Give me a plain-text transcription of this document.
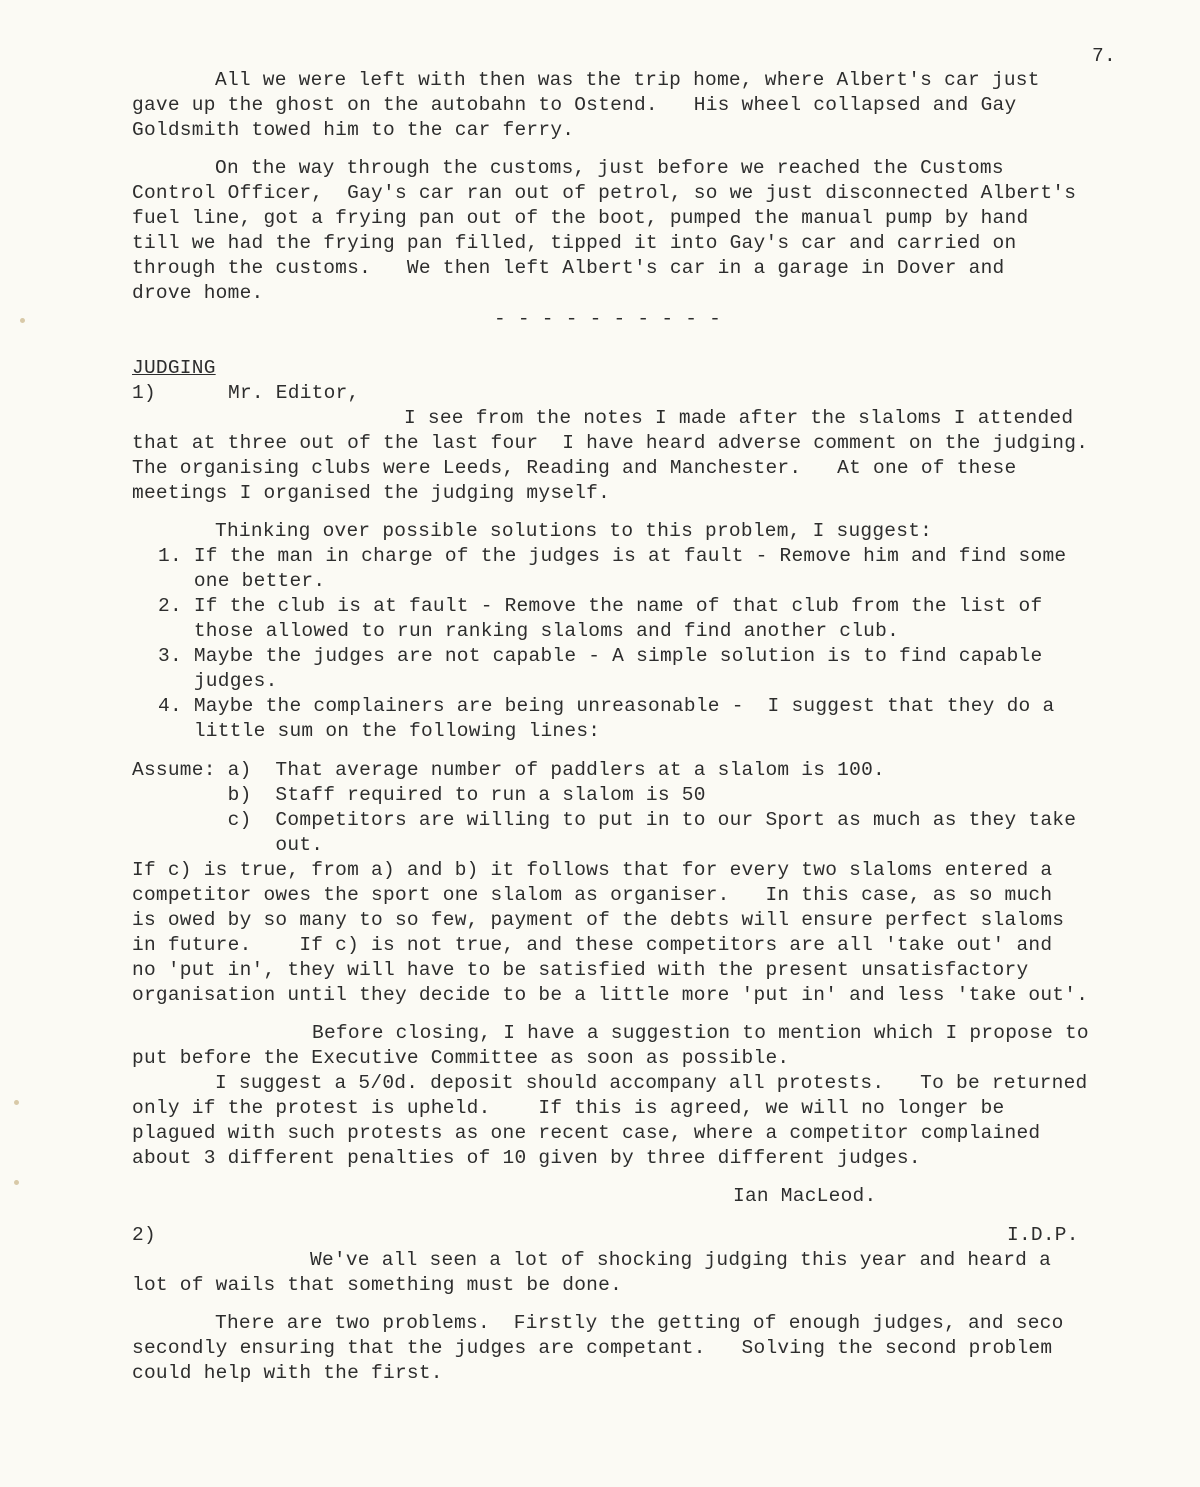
7.
All we were left with then was the trip home, where Albert's car just
gave up the ghost on the autobahn to Ostend.   His wheel collapsed and Gay
Goldsmith towed him to the car ferry.
On the way through the customs, just before we reached the Customs
Control Officer,  Gay's car ran out of petrol, so we just disconnected Albert's
fuel line, got a frying pan out of the boot, pumped the manual pump by hand
till we had the frying pan filled, tipped it into Gay's car and carried on
through the customs.   We then left Albert's car in a garage in Dover and
drove home.
- - - - - - - - - -
JUDGING
1)	Mr. Editor,
I see from the notes I made after the slaloms I attended
that at three out of the last four  I have heard adverse comment on the judging.
The organising clubs were Leeds, Reading and Manchester.   At one of these
meetings I organised the judging myself.
Thinking over possible solutions to this problem, I suggest:
1. If the man in charge of the judges is at fault - Remove him and find some
one better.
2. If the club is at fault - Remove the name of that club from the list of
those allowed to run ranking slaloms and find another club.
3. Maybe the judges are not capable - A simple solution is to find capable
judges.
4. Maybe the complainers are being unreasonable -  I suggest that they do a
little sum on the following lines:
Assume: a)  That average number of paddlers at a slalom is 100.
b)  Staff required to run a slalom is 50
c)  Competitors are willing to put in to our Sport as much as they take
out.
If c) is true, from a) and b) it follows that for every two slaloms entered a
competitor owes the sport one slalom as organiser.   In this case, as so much
is owed by so many to so few, payment of the debts will ensure perfect slaloms
in future.    If c) is not true, and these competitors are all 'take out' and
no 'put in', they will have to be satisfied with the present unsatisfactory
organisation until they decide to be a little more 'put in' and less 'take out'.
Before closing, I have a suggestion to mention which I propose to
put before the Executive Committee as soon as possible.
I suggest a 5/0d. deposit should accompany all protests.   To be returned
only if the protest is upheld.    If this is agreed, we will no longer be
plagued with such protests as one recent case, where a competitor complained
about 3 different penalties of 10 given by three different judges.
Ian MacLeod.
2)	I.D.P.
We've all seen a lot of shocking judging this year and heard a
lot of wails that something must be done.
There are two problems.  Firstly the getting of enough judges, and seco
secondly ensuring that the judges are competant.   Solving the second problem
could help with the first.
